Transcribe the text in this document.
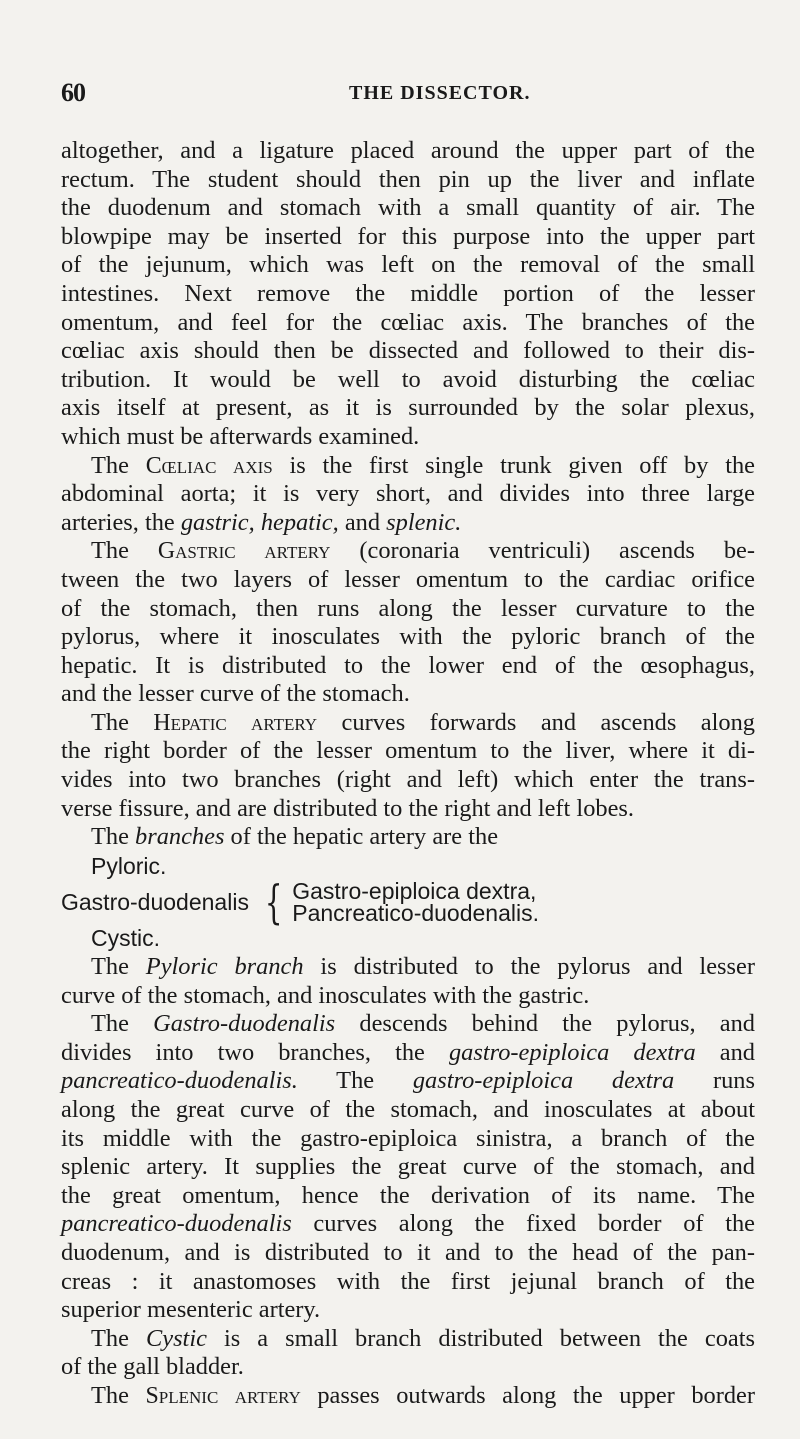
60	THE DISSECTOR.
altogether, and a ligature placed around the upper part of the
rectum. The student should then pin up the liver and inflate
the duodenum and stomach with a small quantity of air. The
blowpipe may be inserted for this purpose into the upper part
of the jejunum, which was left on the removal of the small
intestines. Next remove the middle portion of the lesser
omentum, and feel for the cœliac axis. The branches of the
cœliac axis should then be dissected and followed to their dis-
tribution. It would be well to avoid disturbing the cœliac
axis itself at present, as it is surrounded by the solar plexus,
which must be afterwards examined.
The Cœliac axis is the first single trunk given off by the
abdominal aorta; it is very short, and divides into three large
arteries, the gastric, hepatic, and splenic.
The Gastric artery (coronaria ventriculi) ascends be-
tween the two layers of lesser omentum to the cardiac orifice
of the stomach, then runs along the lesser curvature to the
pylorus, where it inosculates with the pyloric branch of the
hepatic. It is distributed to the lower end of the œsophagus,
and the lesser curve of the stomach.
The Hepatic artery curves forwards and ascends along
the right border of the lesser omentum to the liver, where it di-
vides into two branches (right and left) which enter the trans-
verse fissure, and are distributed to the right and left lobes.
The branches of the hepatic artery are the
Pyloric.
Gastro-duodenalis { Gastro-epiploica dextra,
Pancreatico-duodenalis.
Cystic.
The Pyloric branch is distributed to the pylorus and lesser
curve of the stomach, and inosculates with the gastric.
The Gastro-duodenalis descends behind the pylorus, and
divides into two branches, the gastro-epiploica dextra and
pancreatico-duodenalis. The gastro-epiploica dextra runs
along the great curve of the stomach, and inosculates at about
its middle with the gastro-epiploica sinistra, a branch of the
splenic artery. It supplies the great curve of the stomach, and
the great omentum, hence the derivation of its name. The
pancreatico-duodenalis curves along the fixed border of the
duodenum, and is distributed to it and to the head of the pan-
creas : it anastomoses with the first jejunal branch of the
superior mesenteric artery.
The Cystic is a small branch distributed between the coats
of the gall bladder.
The Splenic artery passes outwards along the upper border
